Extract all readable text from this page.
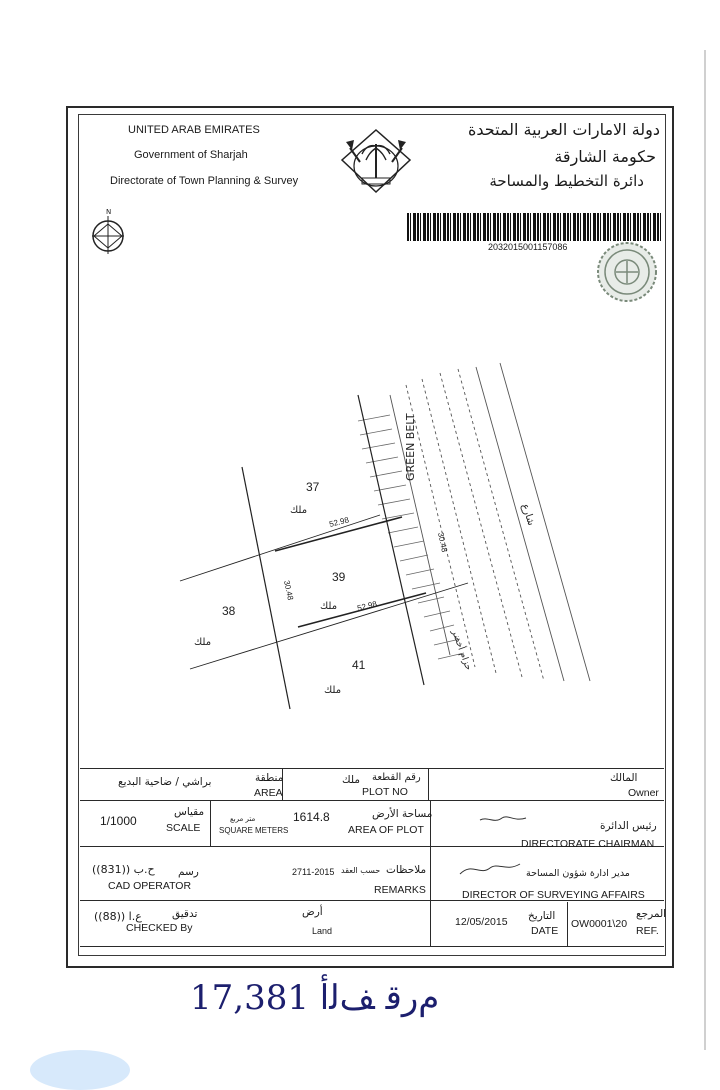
UNITED ARAB EMIRATES
Government of Sharjah
Directorate of Town Planning & Survey
دولة الامارات العربية المتحدة
حكومة الشارقة
دائرة التخطيط والمساحة
N
2032015001157086
GREEN BELT
شارع
حزام أخضر
37
ملك
39
ملك
38
ملك
41
ملك
52.98
52.98
30.48
30.48
المالك
Owner
رقم القطعة
ملك
PLOT NO
منطقة
AREA
براشي / ضاحية البديع
رئيس الدائرة
DIRECTORATE CHAIRMAN
مساحة الأرض
AREA OF PLOT
1614.8
متر مربع
SQUARE METERS
مقياس
SCALE
1/1000
مدير ادارة شؤون المساحة
DIRECTOR OF SURVEYING AFFAIRS
ملاحظات
REMARKS
حسب العقد
2711-2015
رسم
CAD OPERATOR
ح.ب ((831))
المرجع
REF.
OW0001\20
التاريخ
DATE
12/05/2015
أرض
Land
تدقيق
CHECKED By
ع.ا ((88))
ﻡﺭﻗ ﻒﻟﺃ 17,381
